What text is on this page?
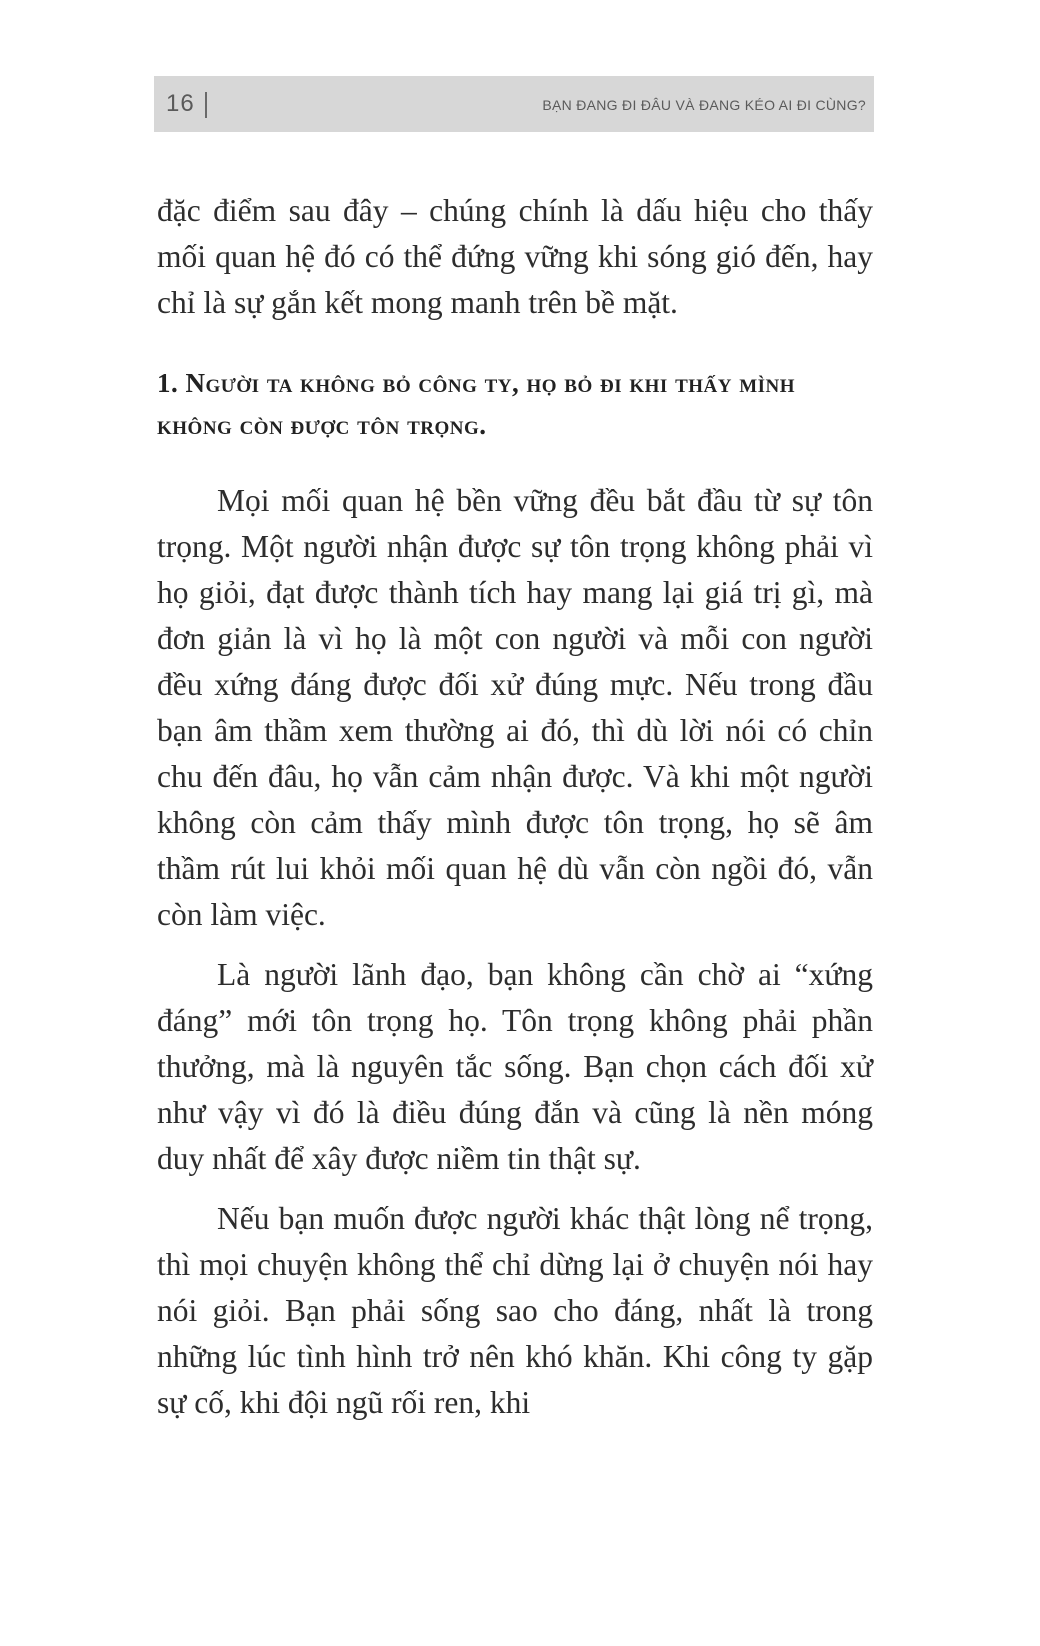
16	BẠN ĐANG ĐI ĐÂU VÀ ĐANG KÉO AI ĐI CÙNG?

đặc điểm sau đây – chúng chính là dấu hiệu cho thấy mối quan hệ đó có thể đứng vững khi sóng gió đến, hay chỉ là sự gắn kết mong manh trên bề mặt.

1. Người ta không bỏ công ty, họ bỏ đi khi thấy mình không còn được tôn trọng.

Mọi mối quan hệ bền vững đều bắt đầu từ sự tôn trọng. Một người nhận được sự tôn trọng không phải vì họ giỏi, đạt được thành tích hay mang lại giá trị gì, mà đơn giản là vì họ là một con người và mỗi con người đều xứng đáng được đối xử đúng mực. Nếu trong đầu bạn âm thầm xem thường ai đó, thì dù lời nói có chỉn chu đến đâu, họ vẫn cảm nhận được. Và khi một người không còn cảm thấy mình được tôn trọng, họ sẽ âm thầm rút lui khỏi mối quan hệ dù vẫn còn ngồi đó, vẫn còn làm việc.

Là người lãnh đạo, bạn không cần chờ ai “xứng đáng” mới tôn trọng họ. Tôn trọng không phải phần thưởng, mà là nguyên tắc sống. Bạn chọn cách đối xử như vậy vì đó là điều đúng đắn và cũng là nền móng duy nhất để xây được niềm tin thật sự.

Nếu bạn muốn được người khác thật lòng nể trọng, thì mọi chuyện không thể chỉ dừng lại ở chuyện nói hay nói giỏi. Bạn phải sống sao cho đáng, nhất là trong những lúc tình hình trở nên khó khăn. Khi công ty gặp sự cố, khi đội ngũ rối ren, khi
